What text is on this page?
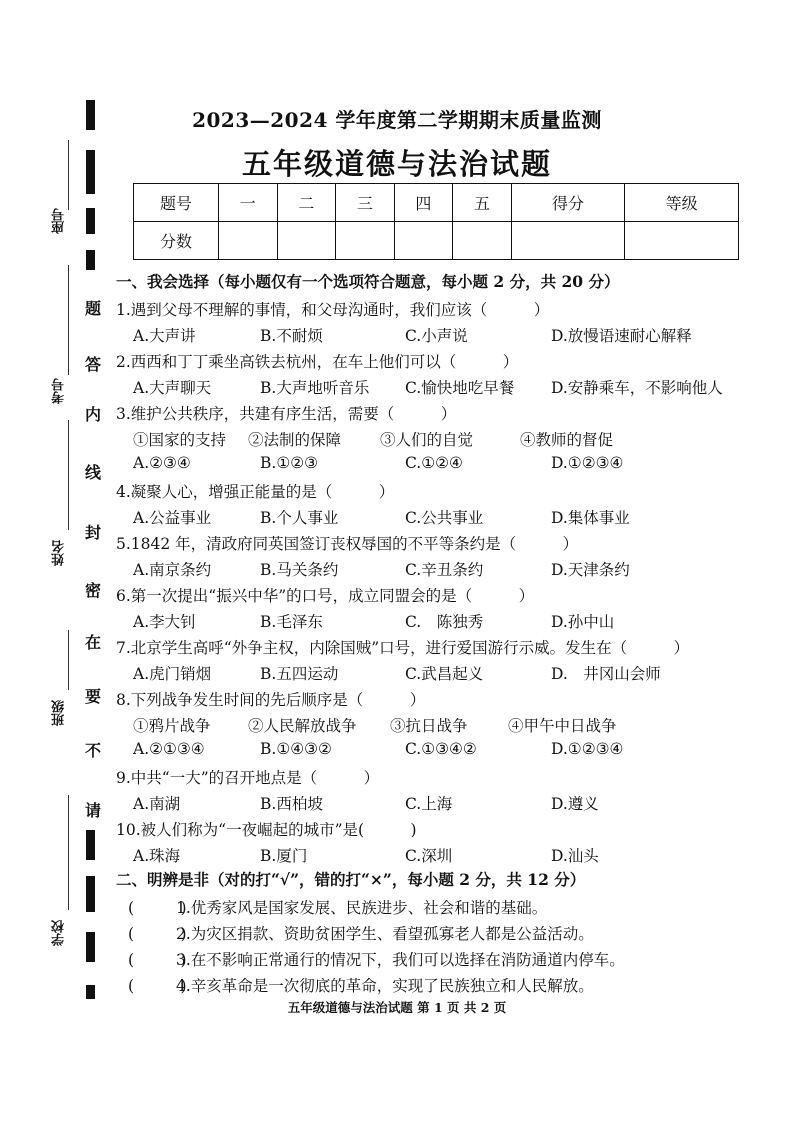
题
答
内
线
封
密
在
要
不
请
座号
考号
姓名
班级
学校
2023—2024 学年度第二学期期末质量监测
五年级道德与法治试题
题号	一	二	三	四	五	得分	等级
分数							
一、我会选择（每小题仅有一个选项符合题意，每小题 2 分，共 20 分）
1.遇到父母不理解的事情，和父母沟通时，我们应该（　　　）
A.大声讲	B.不耐烦	C.小声说	D.放慢语速耐心解释
2.西西和丁丁乘坐高铁去杭州，在车上他们可以（　　　）
A.大声聊天	B.大声地听音乐 C.愉快地吃早餐 D.安静乘车，不影响他人
3.维护公共秩序，共建有序生活，需要（　　　）
①国家的支持 ②法制的保障	③人们的自觉	④教师的督促
A.②③④	B.①②③	C.①②④	D.①②③④
4.凝聚人心，增强正能量的是（　　　）
A.公益事业	B.个人事业	C.公共事业	D.集体事业
5.1842 年，清政府同英国签订丧权辱国的不平等条约是（　　　）
A.南京条约	B.马关条约	C.辛丑条约	D.天津条约
6.第一次提出“振兴中华”的口号，成立同盟会的是（　　　）
A.李大钊	B.毛泽东	C.　陈独秀	D.孙中山
7.北京学生高呼“外争主权，内除国贼”口号，进行爱国游行示威。发生在（　　　）
A.虎门销烟	B.五四运动	C.武昌起义	D.　井冈山会师
8.下列战争发生时间的先后顺序是（　　　）
①鸦片战争 ②人民解放战争 ③抗日战争	④甲午中日战争
A.②①③④	B.①④③②	C.①③④②	D.①②③④
9.中共“一大”的召开地点是（　　　）
A.南湖	B.西柏坡	C.上海	D.遵义
10.被人们称为“一夜崛起的城市”是(　　　)
A.珠海	B.厦门	C.深圳	D.汕头
二、明辨是非（对的打“√”，错的打“×”，每小题 2 分，共 12 分）
(　　　)
1.优秀家风是国家发展、民族进步、社会和谐的基础。
(　　　)
2.为灾区捐款、资助贫困学生、看望孤寡老人都是公益活动。
(　　　)
3.在不影响正常通行的情况下，我们可以选择在消防通道内停车。
(　　　)
4.辛亥革命是一次彻底的革命，实现了民族独立和人民解放。
五年级道德与法治试题 第 1 页 共 2 页
